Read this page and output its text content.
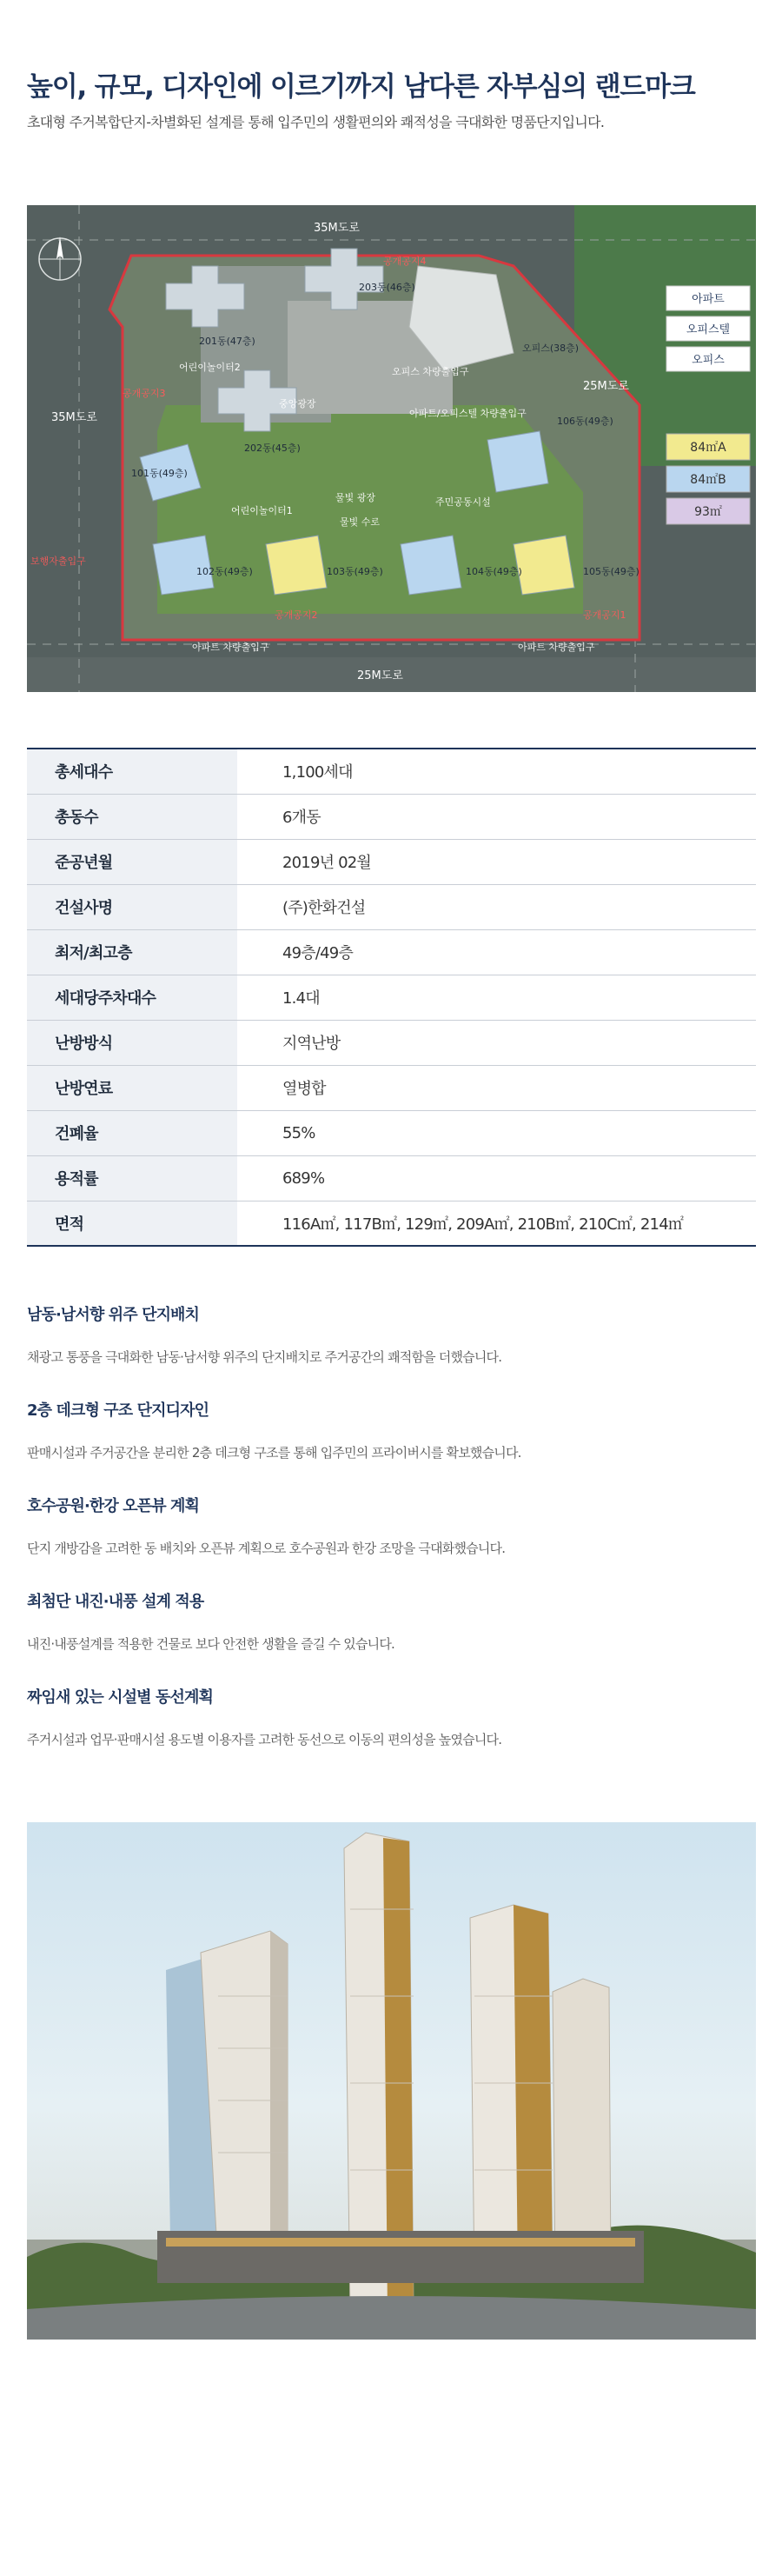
높이, 규모, 디자인에 이르기까지 남다른 자부심의 랜드마크

초대형 주거복합단지-차별화된 설계를 통해 입주민의 생활편의와 쾌적성을 극대화한 명품단지입니다.

35M도로
35M도로
25M도로
25M도로
201동(47층)
202동(45층)
203동(46층)
101동(49층)
102동(49층)	103동(49층)	104동(49층)	105동(49층)
106동(49층)
오피스(38층)
공개공지4
공개공지3
공개공지2	공개공지1
어린이놀이터2
어린이놀이터1
물빛 광장
물빛 수로
중앙광장
주민공동시설
오피스 차량출입구
아파트/오피스텔 차량출입구
아파트 차량출입구	아파트 차량출입구
보행자출입구
아파트
오피스텔
오피스
84㎡A
84㎡B
93㎡
총세대수	1,100세대
총동수	6개동
준공년월	2019년 02월
건설사명	(주)한화건설
최저/최고층	49층/49층
세대당주차대수	1.4대
난방방식	지역난방
난방연료	열병합
건폐율	55%
용적률	689%
면적	116A㎡, 117B㎡, 129㎡, 209A㎡, 210B㎡, 210C㎡, 214㎡
남동·남서향 위주 단지배치

채광고 통풍을 극대화한 남동·남서향 위주의 단지배치로 주거공간의 쾌적함을 더했습니다.

2층 데크형 구조 단지디자인

판매시설과 주거공간을 분리한 2층 데크형 구조를 통해 입주민의 프라이버시를 확보했습니다.

호수공원·한강 오픈뷰 계획

단지 개방감을 고려한 동 배치와 오픈뷰 계획으로 호수공원과 한강 조망을 극대화했습니다.

최첨단 내진·내풍 설계 적용

내진·내풍설계를 적용한 건물로 보다 안전한 생활을 즐길 수 있습니다.

짜임새 있는 시설별 동선계획

주거시설과 업무·판매시설 용도별 이용자를 고려한 동선으로 이동의 편의성을 높였습니다.
